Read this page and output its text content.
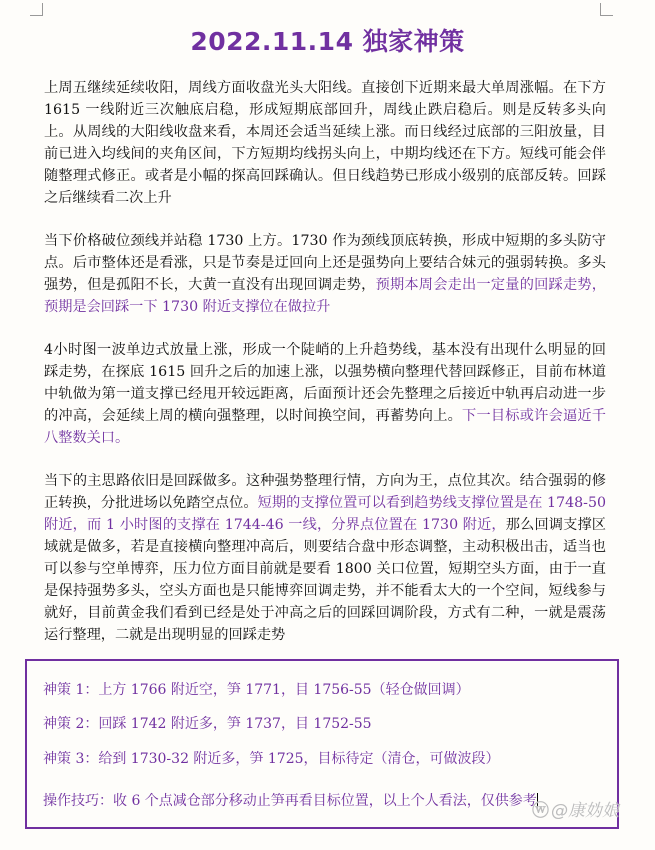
2022.11.14 独家神策

上周五继续延续收阳，周线方面收盘光头大阳线。直接创下近期来最大单周涨幅。在下方 1615 一线附近三次触底启稳，形成短期底部回升，周线止跌启稳后。则是反转多头向上。从周线的大阳线收盘来看，本周还会适当延续上涨。而日线经过底部的三阳放量，目前已进入均线间的夹角区间，下方短期均线拐头向上，中期均线还在下方。短线可能会伴随整理式修正。或者是小幅的探高回踩确认。但日线趋势已形成小级别的底部反转。回踩之后继续看二次上升

当下价格破位颈线并站稳 1730 上方。1730 作为颈线顶底转换，形成中短期的多头防守点。后市整体还是看涨，只是节奏是迂回向上还是强势向上要结合妹元的强弱转换。多头强势，但是孤阳不长，大黄一直没有出现回调走势，预期本周会走出一定量的回踩走势，预期是会回踩一下 1730 附近支撑位在做拉升

4小时图一波单边式放量上涨，形成一个陡峭的上升趋势线，基本没有出现什么明显的回踩走势，在探底 1615 回升之后的加速上涨，以强势横向整理代替回踩修正，目前布林道中轨做为第一道支撑已经甩开较远距离，后面预计还会先整理之后接近中轨再启动进一步的冲高，会延续上周的横向强整理，以时间换空间，再蓄势向上。下一目标或许会逼近千八整数关口。

当下的主思路依旧是回踩做多。这种强势整理行情，方向为王，点位其次。结合强弱的修正转换，分批进场以免踏空点位。短期的支撑位置可以看到趋势线支撑位置是在 1748-50 附近，而 1 小时图的支撑在 1744-46 一线，分界点位置在 1730 附近，那么回调支撑区域就是做多，若是直接横向整理冲高后，则要结合盘中形态调整，主动积极出击，适当也可以参与空单博弈，压力位方面目前就是要看 1800 关口位置，短期空头方面，由于一直是保持强势多头，空头方面也是只能博弈回调走势，并不能看太大的一个空间，短线参与就好，目前黄金我们看到已经是处于冲高之后的回踩回调阶段，方式有二种，一就是震荡运行整理，二就是出现明显的回踩走势

神策 1：上方 1766 附近空，笋 1771，目 1756-55（轻仓做回调）
神策 2：回踩 1742 附近多，笋 1737，目 1752-55
神策 3：给到 1730-32 附近多，笋 1725，目标待定（清仓，可做波段）
操作技巧：收 6 个点减仓部分移动止笋再看目标位置，以上个人看法，仅供参考
ⓦ @康妫娘
